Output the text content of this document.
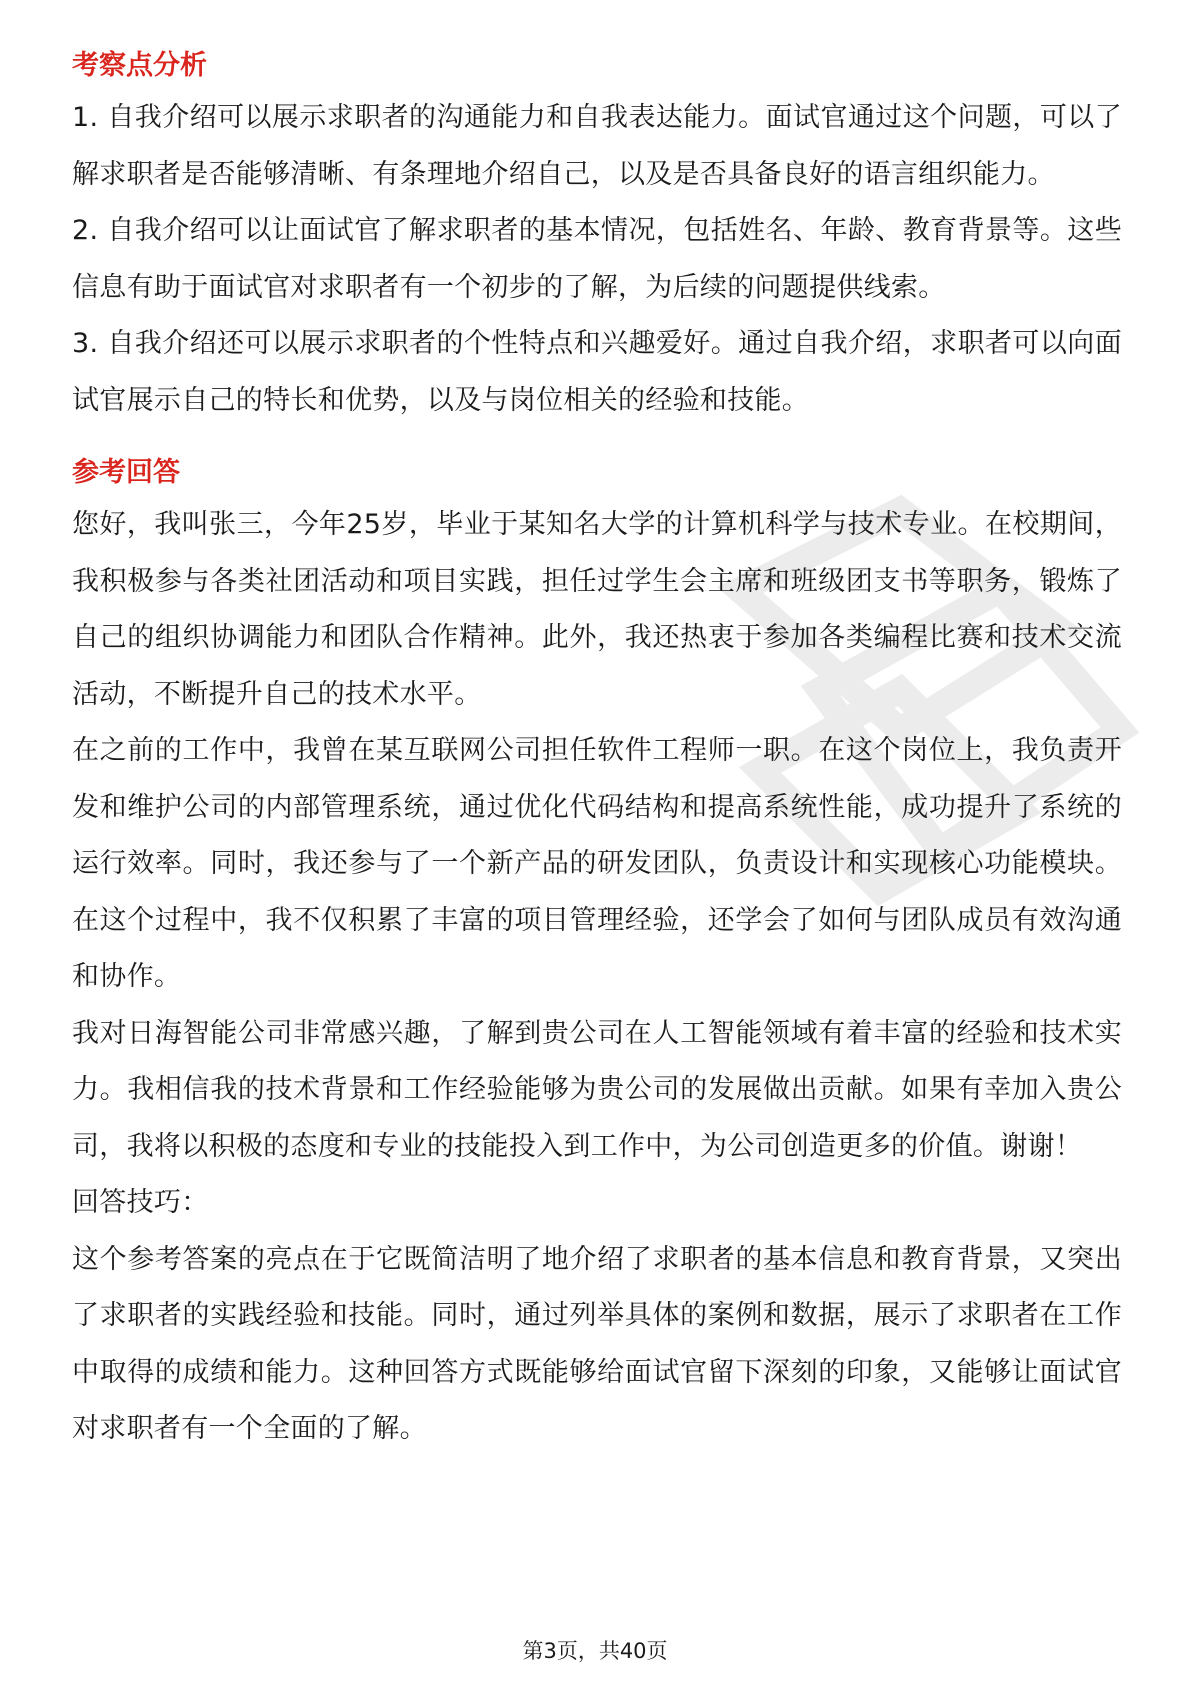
考察点分析

1. 自我介绍可以展示求职者的沟通能力和自我表达能力。面试官通过这个问题，可以了解求职者是否能够清晰、有条理地介绍自己，以及是否具备良好的语言组织能力。

2. 自我介绍可以让面试官了解求职者的基本情况，包括姓名、年龄、教育背景等。这些信息有助于面试官对求职者有一个初步的了解，为后续的问题提供线索。

3. 自我介绍还可以展示求职者的个性特点和兴趣爱好。通过自我介绍，求职者可以向面试官展示自己的特长和优势，以及与岗位相关的经验和技能。

参考回答

您好，我叫张三，今年25岁，毕业于某知名大学的计算机科学与技术专业。在校期间，我积极参与各类社团活动和项目实践，担任过学生会主席和班级团支书等职务，锻炼了自己的组织协调能力和团队合作精神。此外，我还热衷于参加各类编程比赛和技术交流活动，不断提升自己的技术水平。

在之前的工作中，我曾在某互联网公司担任软件工程师一职。在这个岗位上，我负责开发和维护公司的内部管理系统，通过优化代码结构和提高系统性能，成功提升了系统的运行效率。同时，我还参与了一个新产品的研发团队，负责设计和实现核心功能模块。在这个过程中，我不仅积累了丰富的项目管理经验，还学会了如何与团队成员有效沟通和协作。

我对日海智能公司非常感兴趣，了解到贵公司在人工智能领域有着丰富的经验和技术实力。我相信我的技术背景和工作经验能够为贵公司的发展做出贡献。如果有幸加入贵公司，我将以积极的态度和专业的技能投入到工作中，为公司创造更多的价值。谢谢！

回答技巧：

这个参考答案的亮点在于它既简洁明了地介绍了求职者的基本信息和教育背景，又突出了求职者的实践经验和技能。同时，通过列举具体的案例和数据，展示了求职者在工作中取得的成绩和能力。这种回答方式既能够给面试官留下深刻的印象，又能够让面试官对求职者有一个全面的了解。

第3页，共40页
